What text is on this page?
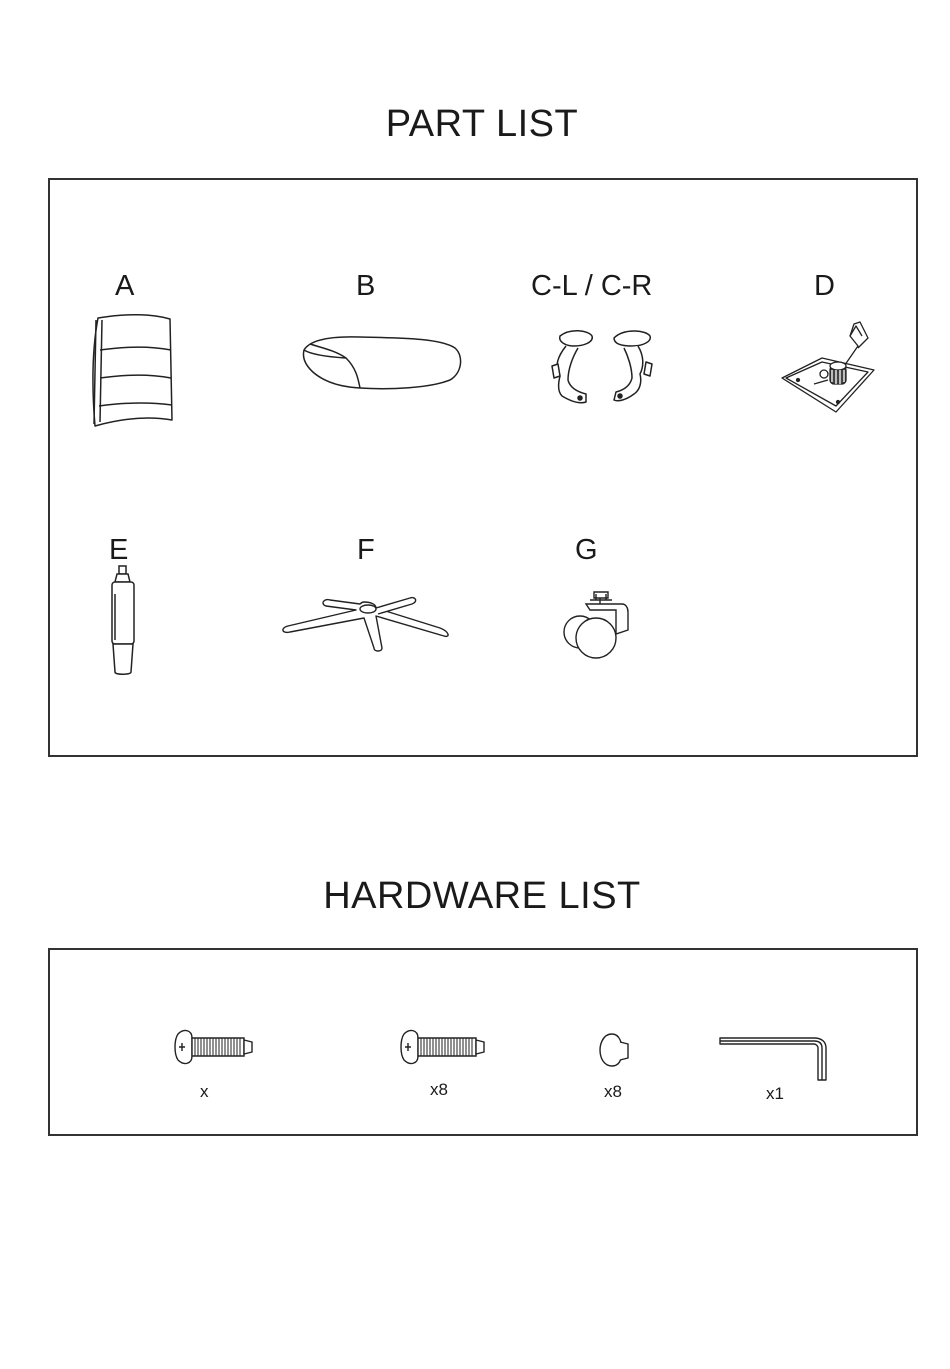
PART LIST
A	B	C-L / C-R	D
E	F	G
HARDWARE LIST
x	x8	x8	x1
